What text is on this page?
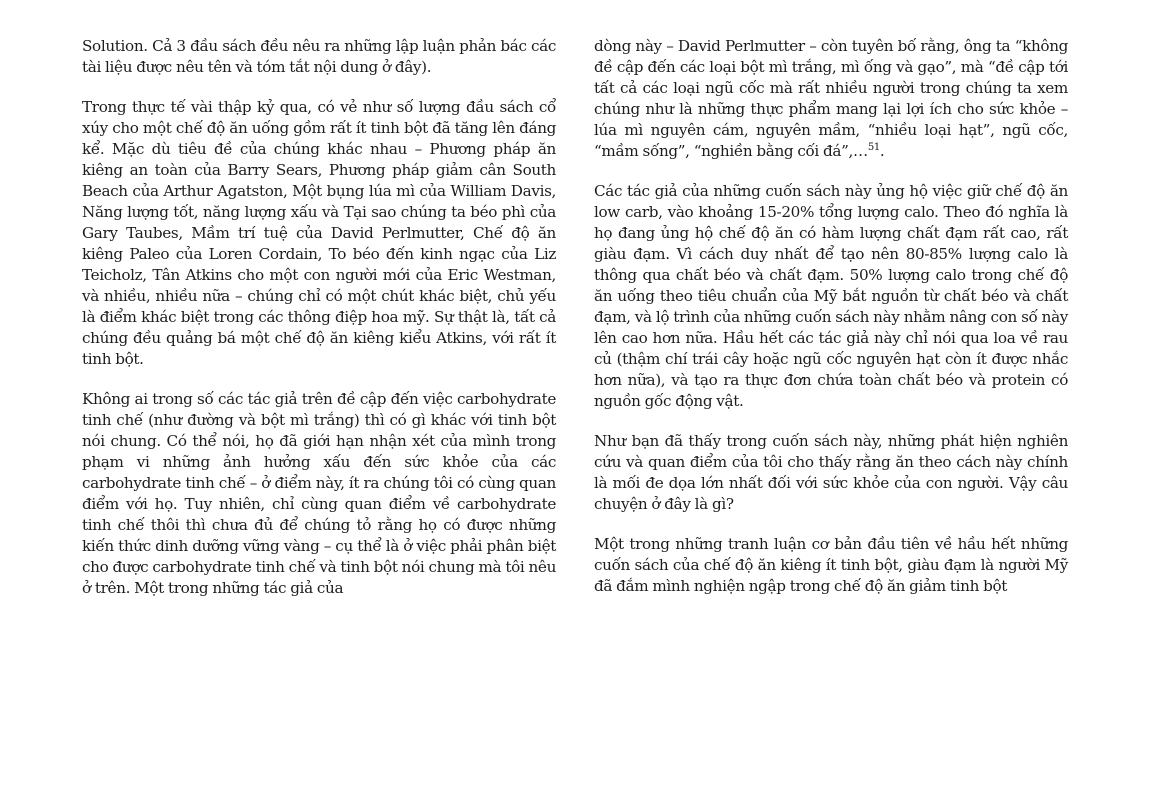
Solution. Cả 3 đầu sách đều nêu ra những lập luận phản bác các tài liệu được nêu tên và tóm tắt nội dung ở đây).

Trong thực tế vài thập kỷ qua, có vẻ như số lượng đầu sách cổ xúy cho một chế độ ăn uống gồm rất ít tinh bột đã tăng lên đáng kể. Mặc dù tiêu đề của chúng khác nhau – Phương pháp ăn kiêng an toàn của Barry Sears, Phương pháp giảm cân South Beach của Arthur Agatston, Một bụng lúa mì của William Davis, Năng lượng tốt, năng lượng xấu và Tại sao chúng ta béo phì của Gary Taubes, Mầm trí tuệ của David Perlmutter, Chế độ ăn kiêng Paleo của Loren Cordain, To béo đến kinh ngạc của Liz Teicholz, Tân Atkins cho một con người mới của Eric Westman, và nhiều, nhiều nữa – chúng chỉ có một chút khác biệt, chủ yếu là điểm khác biệt trong các thông điệp hoa mỹ. Sự thật là, tất cả chúng đều quảng bá một chế độ ăn kiêng kiểu Atkins, với rất ít tinh bột.

Không ai trong số các tác giả trên đề cập đến việc carbohydrate tinh chế (như đường và bột mì trắng) thì có gì khác với tinh bột nói chung. Có thể nói, họ đã giới hạn nhận xét của mình trong phạm vi những ảnh hưởng xấu đến sức khỏe của các carbohydrate tinh chế – ở điểm này, ít ra chúng tôi có cùng quan điểm với họ. Tuy nhiên, chỉ cùng quan điểm về carbohydrate tinh chế thôi thì chưa đủ để chúng tỏ rằng họ có được những kiến thức dinh dưỡng vững vàng – cụ thể là ở việc phải phân biệt cho được carbohydrate tinh chế và tinh bột nói chung mà tôi nêu ở trên. Một trong những tác giả của

dòng này – David Perlmutter – còn tuyên bố rằng, ông ta “không đề cập đến các loại bột mì trắng, mì ống và gạo”, mà “đề cập tới tất cả các loại ngũ cốc mà rất nhiều người trong chúng ta xem chúng như là những thực phẩm mang lại lợi ích cho sức khỏe – lúa mì nguyên cám, nguyên mầm, “nhiều loại hạt”, ngũ cốc, “mầm sống”, “nghiền bằng cối đá”,…$^{51}$.

Các tác giả của những cuốn sách này ủng hộ việc giữ chế độ ăn low carb, vào khoảng 15-20% tổng lượng calo. Theo đó nghĩa là họ đang ủng hộ chế độ ăn có hàm lượng chất đạm rất cao, rất giàu đạm. Vì cách duy nhất để tạo nên 80-85% lượng calo là thông qua chất béo và chất đạm. 50% lượng calo trong chế độ ăn uống theo tiêu chuẩn của Mỹ bắt nguồn từ chất béo và chất đạm, và lộ trình của những cuốn sách này nhằm nâng con số này lên cao hơn nữa. Hầu hết các tác giả này chỉ nói qua loa về rau củ (thậm chí trái cây hoặc ngũ cốc nguyên hạt còn ít được nhắc hơn nữa), và tạo ra thực đơn chứa toàn chất béo và protein có nguồn gốc động vật.

Như bạn đã thấy trong cuốn sách này, những phát hiện nghiên cứu và quan điểm của tôi cho thấy rằng ăn theo cách này chính là mối đe dọa lớn nhất đối với sức khỏe của con người. Vậy câu chuyện ở đây là gì?

Một trong những tranh luận cơ bản đầu tiên về hầu hết những cuốn sách của chế độ ăn kiêng ít tinh bột, giàu đạm là người Mỹ đã đắm mình nghiện ngập trong chế độ ăn giảm tinh bột
